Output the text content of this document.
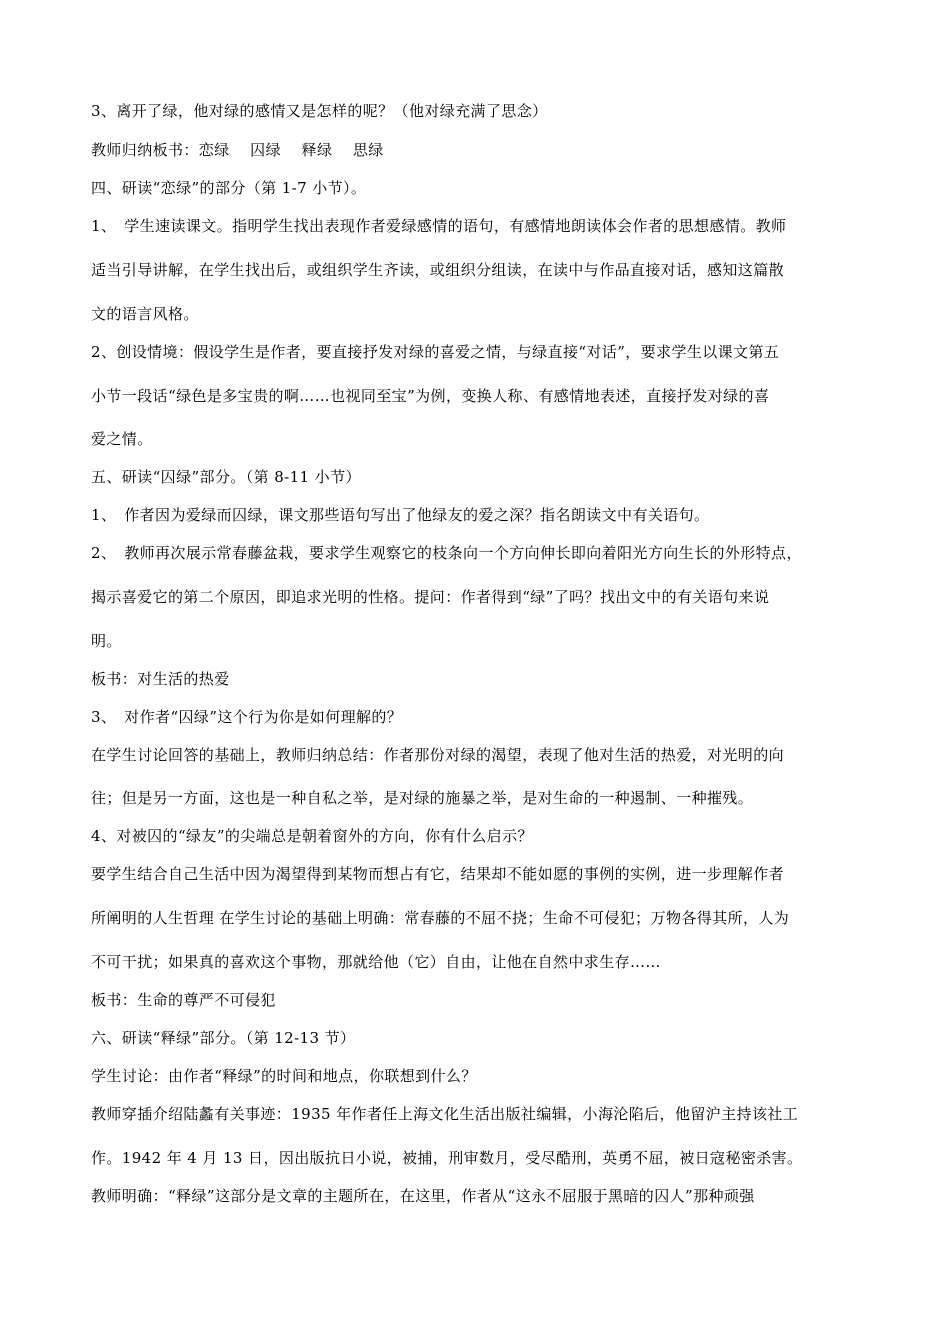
3、离开了绿，他对绿的感情又是怎样的呢？（他对绿充满了思念）
教师归纳板书：恋绿　 囚绿　 释绿　 思绿
四、研读“恋绿”的部分（第 1-7 小节）。
1、　学生速读课文。指明学生找出表现作者爱绿感情的语句，有感情地朗读体会作者的思想感情。教师
适当引导讲解，在学生找出后，或组织学生齐读，或组织分组读，在读中与作品直接对话，感知这篇散
文的语言风格。
2、创设情境：假设学生是作者，要直接抒发对绿的喜爱之情，与绿直接“对话”，要求学生以课文第五
小节一段话“绿色是多宝贵的啊……也视同至宝”为例，变换人称、有感情地表述，直接抒发对绿的喜
爱之情。
五、研读“囚绿”部分。（第 8-11 小节）
1、　作者因为爱绿而囚绿，课文那些语句写出了他绿友的爱之深？指名朗读文中有关语句。
2、　教师再次展示常春藤盆栽，要求学生观察它的枝条向一个方向伸长即向着阳光方向生长的外形特点，
揭示喜爱它的第二个原因，即追求光明的性格。提问：作者得到“绿”了吗？找出文中的有关语句来说
明。
板书：对生活的热爱
3、　对作者“囚绿”这个行为你是如何理解的？
在学生讨论回答的基础上，教师归纳总结：作者那份对绿的渴望，表现了他对生活的热爱，对光明的向
往；但是另一方面，这也是一种自私之举，是对绿的施暴之举，是对生命的一种遏制、一种摧残。
4、对被囚的“绿友”的尖端总是朝着窗外的方向，你有什么启示？
要学生结合自己生活中因为渴望得到某物而想占有它，结果却不能如愿的事例的实例，进一步理解作者
所阐明的人生哲理 在学生讨论的基础上明确：常春藤的不屈不挠；生命不可侵犯；万物各得其所，人为
不可干扰；如果真的喜欢这个事物，那就给他（它）自由，让他在自然中求生存……
板书：生命的尊严不可侵犯
六、研读“释绿”部分。（第 12-13 节）
学生讨论：由作者“释绿”的时间和地点，你联想到什么？
教师穿插介绍陆蠡有关事迹：1935 年作者任上海文化生活出版社编辑，小海沦陷后，他留沪主持该社工
作。1942 年 4 月 13 日，因出版抗日小说，被捕，刑审数月，受尽酷刑，英勇不屈，被日寇秘密杀害。
教师明确：“释绿”这部分是文章的主题所在，在这里，作者从“这永不屈服于黑暗的囚人”那种顽强
